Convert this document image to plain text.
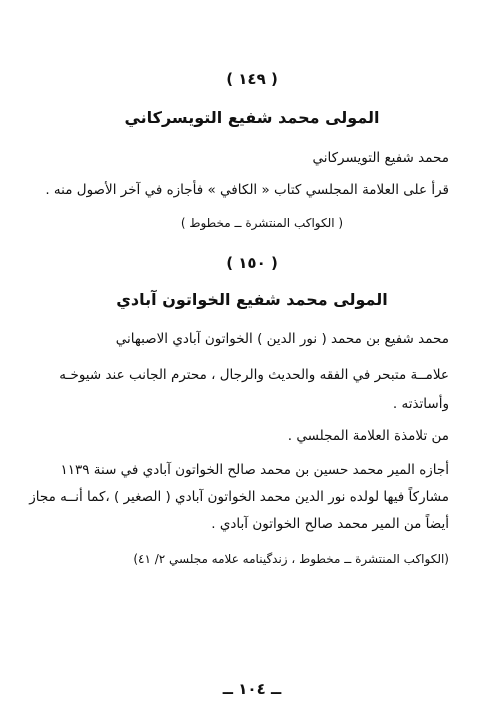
( ١٤٩ )
المولى محمد شفيع التويسركاني
محمد شفيع التويسركاني
قرأ على العلامة المجلسي كتاب « الكافي » فأجازه في آخر الأصول منه .
( الكواكب المنتشرة ــ مخطوط )
( ١٥٠ )
المولى محمد شفيع الخواتون آبادي
محمد شفيع بن محمد ( نور الدين ) الخواتون آبادي الاصبهاني
علامــة متبحر في الفقه والحديث والرجال ، محترم الجانب عند شيوخـه
وأساتذته .
من تلامذة العلامة المجلسي .
أجازه المير محمد حسين بن محمد صالح الخواتون آبادي في سنة ١١٣٩
مشاركاً فيها لولده نور الدين محمد الخواتون آبادي ( الصغير ) ،كما أنــه مجاز
أيضاً من المير محمد صالح الخواتون آبادي .
(الكواكب المنتشرة ــ مخطوط ، زندگينامه علامه مجلسي ٢/ ٤١)
ــ ١٠٤ ــ
